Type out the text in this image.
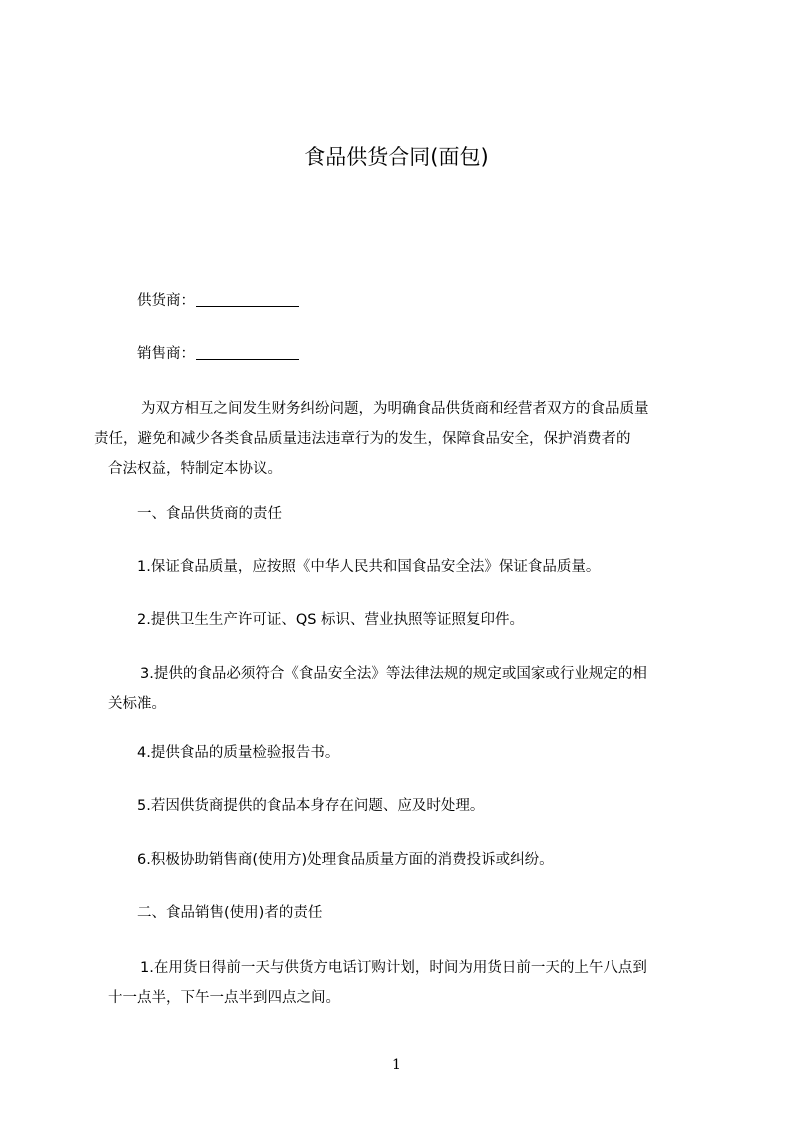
食品供货合同(面包)
供货商：
销售商：
为双方相互之间发生财务纠纷问题，为明确食品供货商和经营者双方的食品质量
责任，避免和减少各类食品质量违法违章行为的发生，保障食品安全，保护消费者的
合法权益，特制定本协议。
一、食品供货商的责任
1.保证食品质量，应按照《中华人民共和国食品安全法》保证食品质量。
2.提供卫生生产许可证、QS 标识、营业执照等证照复印件。
3.提供的食品必须符合《食品安全法》等法律法规的规定或国家或行业规定的相
关标准。
4.提供食品的质量检验报告书。
5.若因供货商提供的食品本身存在问题、应及时处理。
6.积极协助销售商(使用方)处理食品质量方面的消费投诉或纠纷。
二、食品销售(使用)者的责任
1.在用货日得前一天与供货方电话订购计划，时间为用货日前一天的上午八点到
十一点半，下午一点半到四点之间。
1
